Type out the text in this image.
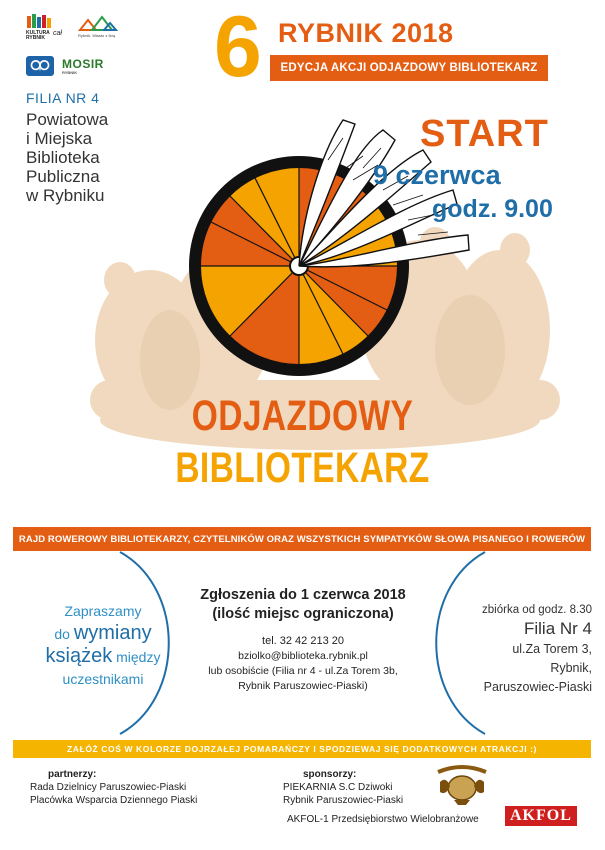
KULTURA RYBNIK
cał	Rybnik. Miasto z Ikrą
MOSIR
RYBNIK
FILIA NR 4
Powiatowa
i Miejska
Biblioteka
Publiczna
w Rybniku
6 RYBNIK 2018
EDYCJA AKCJI ODJAZDOWY BIBLIOTEKARZ
START
9 czerwca
godz. 9.00
ODJAZDOWY
BIBLIOTEKARZ
RAJD ROWEROWY BIBLIOTEKARZY, CZYTELNIKÓW ORAZ WSZYSTKICH SYMPATYKÓW SŁOWA PISANEGO I ROWERÓW
Zapraszamy
do wymiany
książek między
uczestnikami
Zgłoszenia do 1 czerwca 2018
(ilość miejsc ograniczona)
tel. 32 42 213 20
bziolko@biblioteka.rybnik.pl
lub osobiście (Filia nr 4 - ul.Za Torem 3b,
Rybnik Paruszowiec-Piaski)
zbiórka od godz. 8.30
Filia Nr 4
ul.Za Torem 3,
Rybnik,
Paruszowiec-Piaski
ZAŁÓŻ COŚ W KOLORZE DOJRZAŁEJ POMARAŃCZY I SPODZIEWAJ SIĘ DODATKOWYCH ATRAKCJI :)
partnerzy:
Rada Dzielnicy Paruszowiec-Piaski
Placówka Wsparcia Dziennego Piaski
sponsorzy:
PIEKARNIA S.C Dziwoki
Rybnik Paruszowiec-Piaski
AKFOL-1 Przedsiębiorstwo Wielobranżowe	AKFOL
